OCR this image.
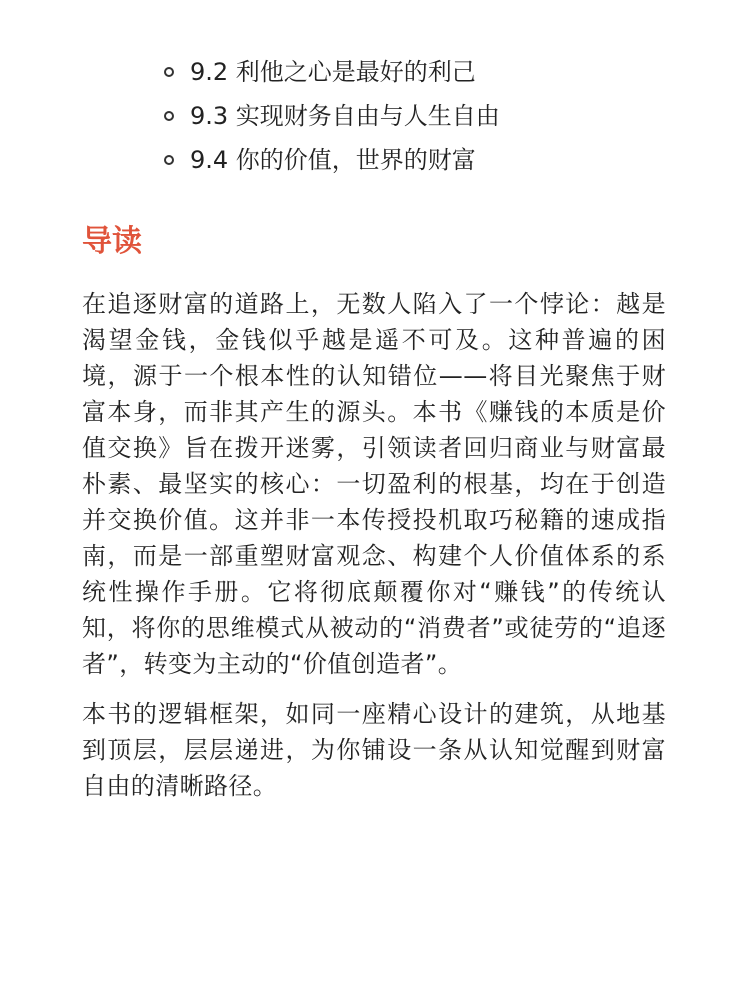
9.2 利他之心是最好的利己
9.3 实现财务自由与人生自由
9.4 你的价值，世界的财富
导读

在追逐财富的道路上，无数人陷入了一个悖论：越是渴望金钱，金钱似乎越是遥不可及。这种普遍的困境，源于一个根本性的认知错位——将目光聚焦于财富本身，而非其产生的源头。本书《赚钱的本质是价值交换》旨在拨开迷雾，引领读者回归商业与财富最朴素、最坚实的核心：一切盈利的根基，均在于创造并交换价值。这并非一本传授投机取巧秘籍的速成指南，而是一部重塑财富观念、构建个人价值体系的系统性操作手册。它将彻底颠覆你对“赚钱”的传统认知，将你的思维模式从被动的“消费者”或徒劳的“追逐者”，转变为主动的“价值创造者”。

本书的逻辑框架，如同一座精心设计的建筑，从地基到顶层，层层递进，为你铺设一条从认知觉醒到财富自由的清晰路径。
